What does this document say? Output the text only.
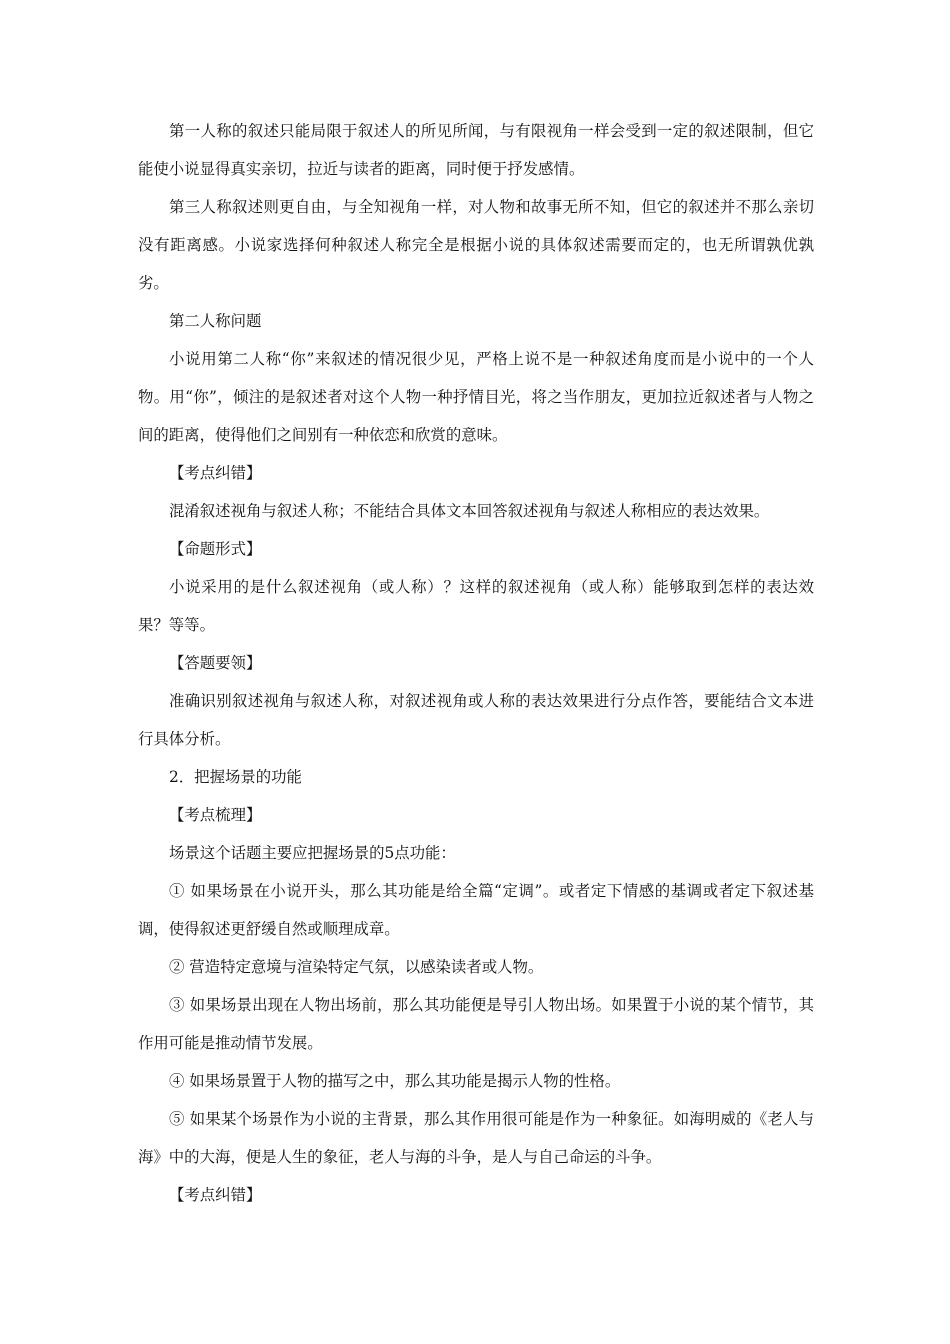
第一人称的叙述只能局限于叙述人的所见所闻，与有限视角一样会受到一定的叙述限制，但它能使小说显得真实亲切，拉近与读者的距离，同时便于抒发感情。

第三人称叙述则更自由，与全知视角一样，对人物和故事无所不知，但它的叙述并不那么亲切没有距离感。小说家选择何种叙述人称完全是根据小说的具体叙述需要而定的，也无所谓孰优孰劣。

第二人称问题

小说用第二人称“你”来叙述的情况很少见，严格上说不是一种叙述角度而是小说中的一个人物。用“你”，倾注的是叙述者对这个人物一种抒情目光，将之当作朋友，更加拉近叙述者与人物之间的距离，使得他们之间别有一种依恋和欣赏的意味。

【考点纠错】

混淆叙述视角与叙述人称；不能结合具体文本回答叙述视角与叙述人称相应的表达效果。

【命题形式】

小说采用的是什么叙述视角（或人称）？这样的叙述视角（或人称）能够取到怎样的表达效果？等等。

【答题要领】

准确识别叙述视角与叙述人称，对叙述视角或人称的表达效果进行分点作答，要能结合文本进行具体分析。

2．把握场景的功能

【考点梳理】

场景这个话题主要应把握场景的5点功能：

① 如果场景在小说开头，那么其功能是给全篇“定调”。或者定下情感的基调或者定下叙述基调，使得叙述更舒缓自然或顺理成章。

② 营造特定意境与渲染特定气氛，以感染读者或人物。

③ 如果场景出现在人物出场前，那么其功能便是导引人物出场。如果置于小说的某个情节，其作用可能是推动情节发展。

④ 如果场景置于人物的描写之中，那么其功能是揭示人物的性格。

⑤ 如果某个场景作为小说的主背景，那么其作用很可能是作为一种象征。如海明威的《老人与海》中的大海，便是人生的象征，老人与海的斗争，是人与自己命运的斗争。

【考点纠错】
